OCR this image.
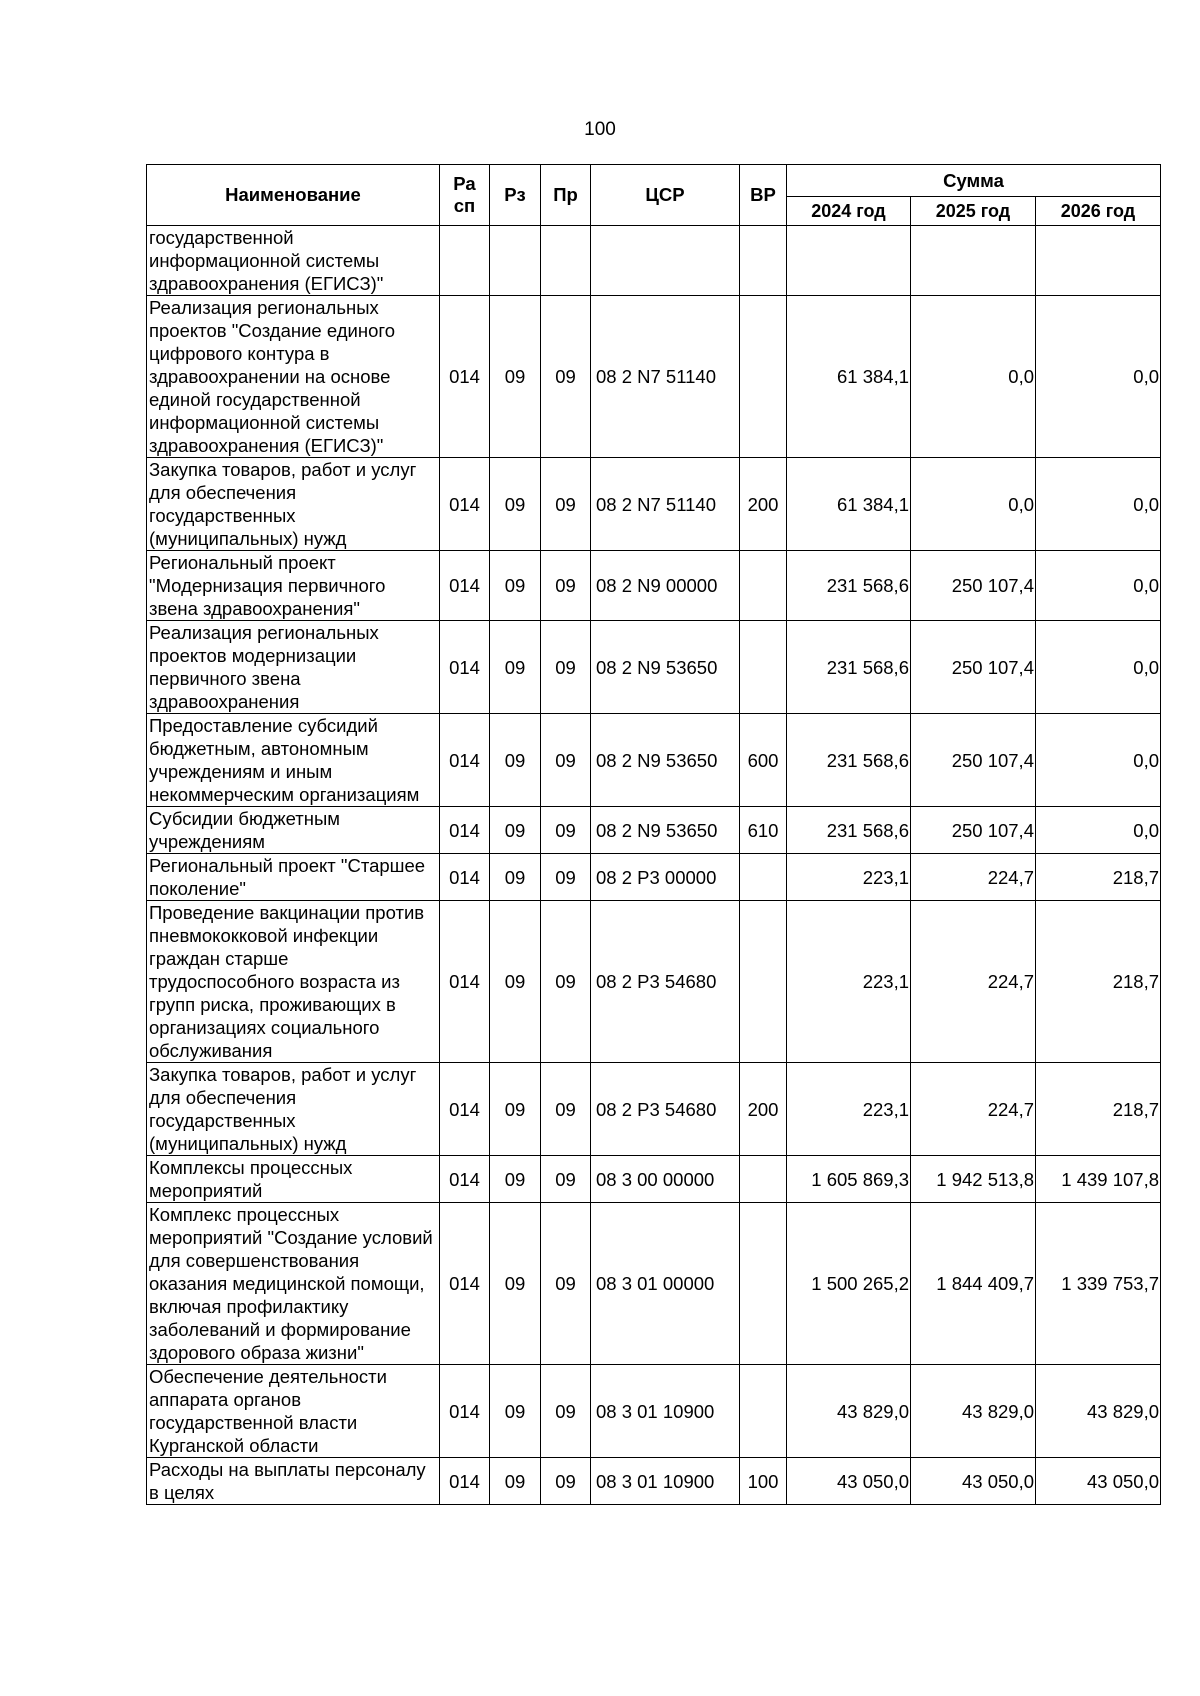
100
Наименование	Ра сп	Рз	Пр	ЦСР	ВР	Сумма		
						2024 год	2025 год	2026 год
государственной информационной системы здравоохранения (ЕГИСЗ)"								
Реализация региональных проектов "Создание единого цифрового контура в здравоохранении на основе единой государственной информационной системы здравоохранения (ЕГИСЗ)"	014	09	09	08 2 N7 51140		61 384,1	0,0	0,0
Закупка товаров, работ и услуг для обеспечения государственных (муниципальных) нужд	014	09	09	08 2 N7 51140	200	61 384,1	0,0	0,0
Региональный проект "Модернизация первичного звена здравоохранения"	014	09	09	08 2 N9 00000		231 568,6	250 107,4	0,0
Реализация региональных проектов модернизации первичного звена здравоохранения	014	09	09	08 2 N9 53650		231 568,6	250 107,4	0,0
Предоставление субсидий бюджетным, автономным учреждениям и иным некоммерческим организациям	014	09	09	08 2 N9 53650	600	231 568,6	250 107,4	0,0
Субсидии бюджетным учреждениям	014	09	09	08 2 N9 53650	610	231 568,6	250 107,4	0,0
Региональный проект "Старшее поколение"	014	09	09	08 2 P3 00000		223,1	224,7	218,7
Проведение вакцинации против пневмококковой инфекции граждан старше трудоспособного возраста из групп риска, проживающих в организациях социального обслуживания	014	09	09	08 2 P3 54680		223,1	224,7	218,7
Закупка товаров, работ и услуг для обеспечения государственных (муниципальных) нужд	014	09	09	08 2 P3 54680	200	223,1	224,7	218,7
Комплексы процессных мероприятий	014	09	09	08 3 00 00000		1 605 869,3	1 942 513,8	1 439 107,8
Комплекс процессных мероприятий "Создание условий для совершенствования оказания медицинской помощи, включая профилактику заболеваний и формирование здорового образа жизни"	014	09	09	08 3 01 00000		1 500 265,2	1 844 409,7	1 339 753,7
Обеспечение деятельности аппарата органов государственной власти Курганской области	014	09	09	08 3 01 10900		43 829,0	43 829,0	43 829,0
Расходы на выплаты персоналу в целях	014	09	09	08 3 01 10900	100	43 050,0	43 050,0	43 050,0
